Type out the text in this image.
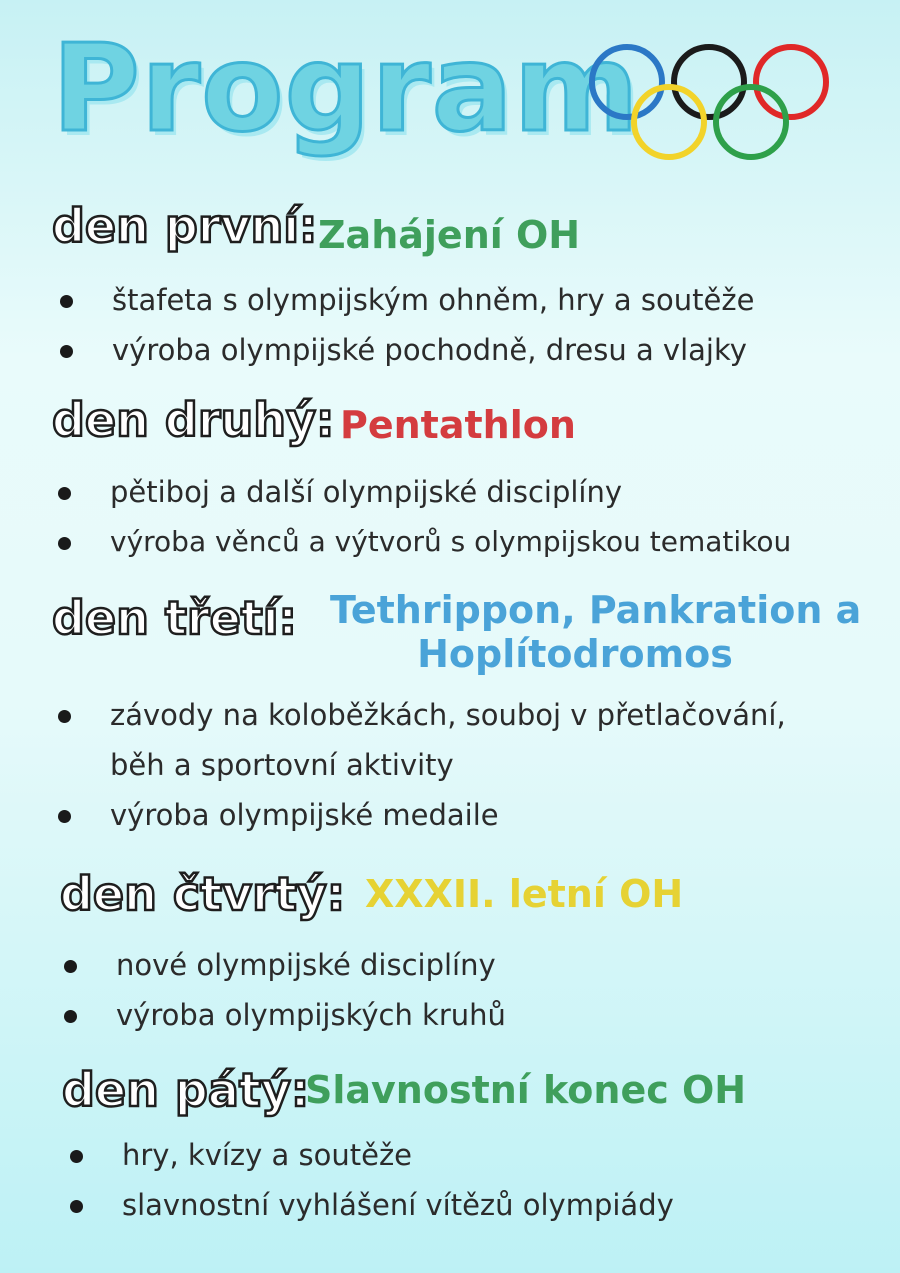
Program
den první: Zahájení OH
štafeta s olympijským ohněm, hry a soutěže
výroba olympijské pochodně, dresu a vlajky
den druhý: Pentathlon
pětiboj a další olympijské disciplíny
výroba věnců a výtvorů s olympijskou tematikou
den třetí: Tethrippon, Pankration a
Hoplítodromos
závody na koloběžkách, souboj v přetlačování,
běh a sportovní aktivity
výroba olympijské medaile
den čtvrtý: XXXII. letní OH
nové olympijské disciplíny
výroba olympijských kruhů
den pátý:
Slavnostní konec OH
hry, kvízy a soutěže
slavnostní vyhlášení vítězů olympiády
